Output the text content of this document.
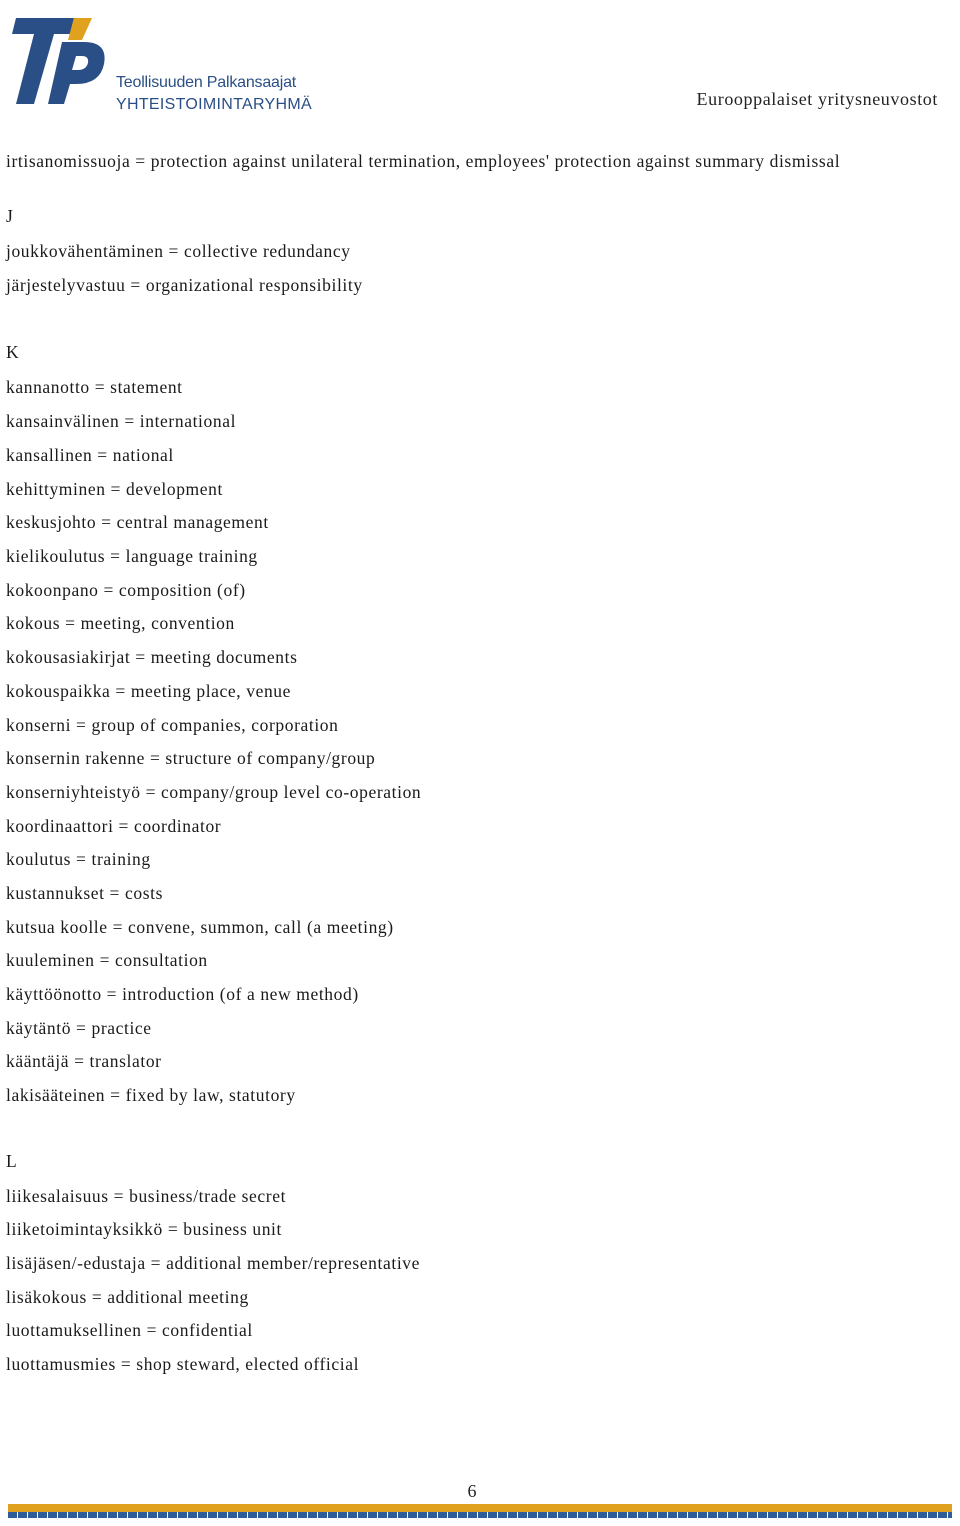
Teollisuuden Palkansaajat
YHTEISTOIMINTARYHMÄ	Eurooppalaiset yritysneuvostot
irtisanomissuoja = protection against unilateral termination, employees' protection against summary dismissal
J
joukkovähentäminen = collective redundancy
järjestelyvastuu = organizational responsibility
K
kannanotto = statement
kansainvälinen = international
kansallinen = national
kehittyminen = development
keskusjohto = central management
kielikoulutus = language training
kokoonpano = composition (of)
kokous = meeting, convention
kokousasiakirjat = meeting documents
kokouspaikka = meeting place, venue
konserni = group of companies, corporation
konsernin rakenne = structure of company/group
konserniyhteistyö = company/group level co-operation
koordinaattori = coordinator
koulutus = training
kustannukset = costs
kutsua koolle = convene, summon, call (a meeting)
kuuleminen = consultation
käyttöönotto = introduction (of a new method)
käytäntö = practice
kääntäjä = translator
lakisääteinen = fixed by law, statutory
L
liikesalaisuus = business/trade secret
liiketoimintayksikkö = business unit
lisäjäsen/-edustaja = additional member/representative
lisäkokous = additional meeting
luottamuksellinen = confidential
luottamusmies = shop steward, elected official
6
